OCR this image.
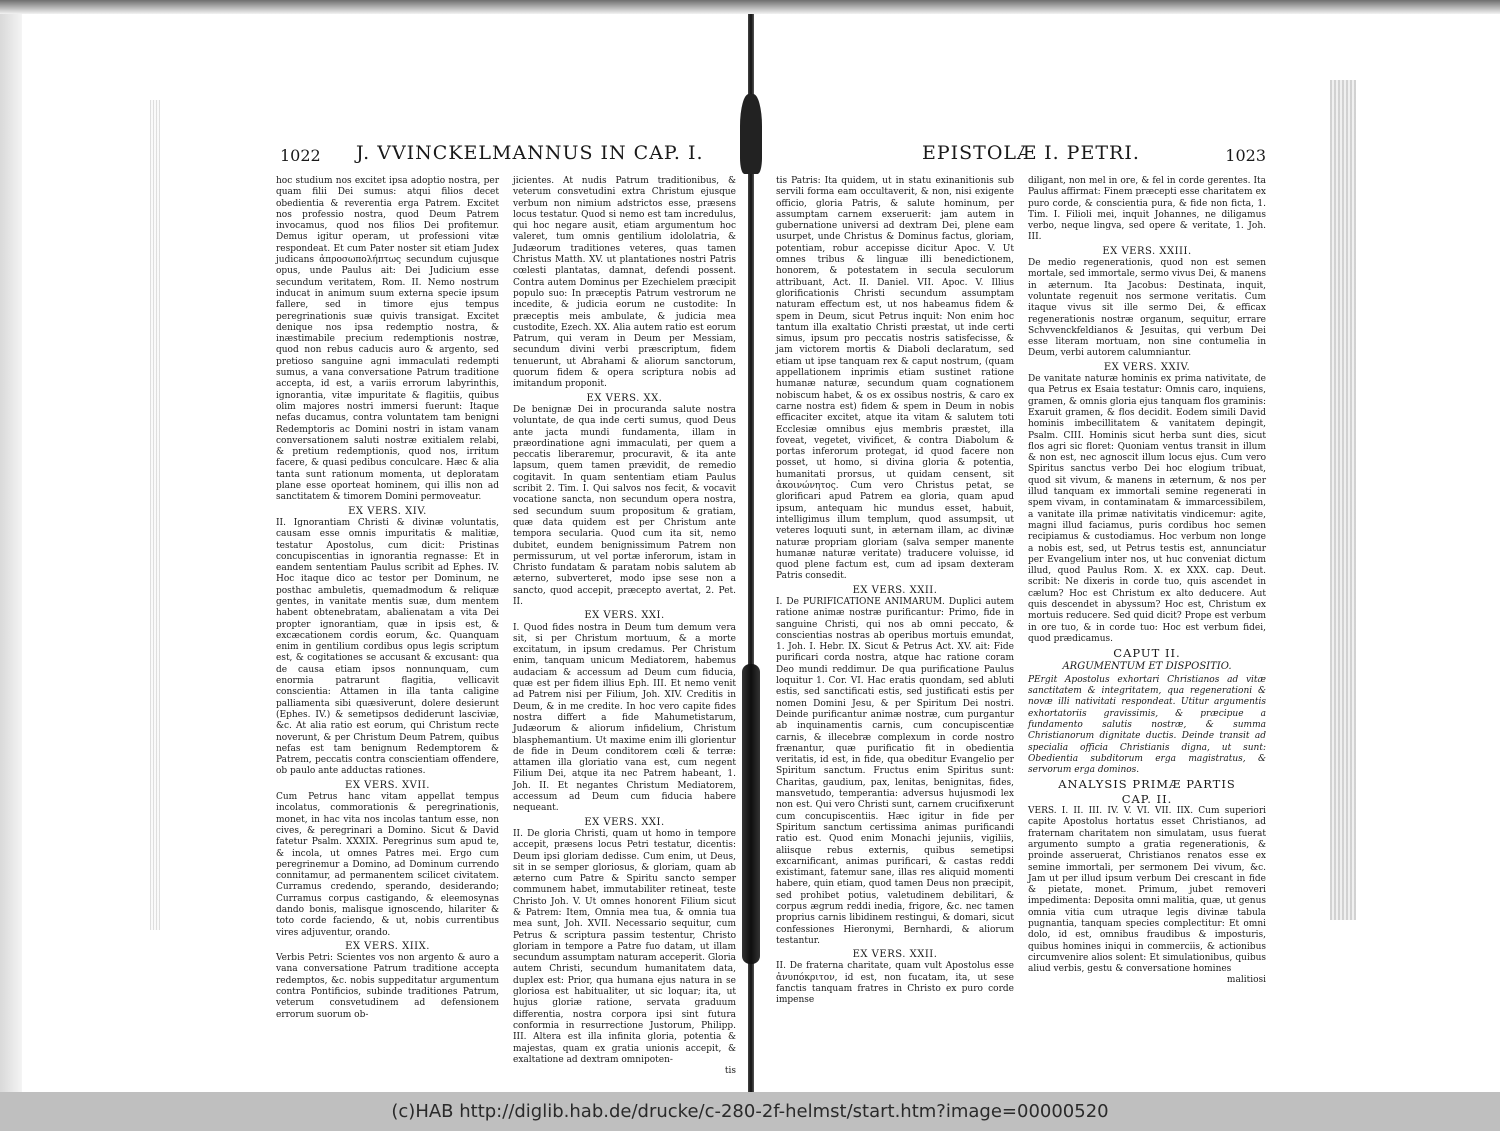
1022 J. VVINCKELMANNUS IN CAP. I.

hoc studium nos excitet ipsa adoptio nostra, per quam filii Dei sumus: atqui filios decet obedientia & reverentia erga Patrem. Excitet nos professio nostra, quod Deum Patrem invocamus, quod nos filios Dei profitemur. Demus igitur operam, ut professioni vitæ respondeat. Et cum Pater noster sit etiam Judex judicans ἀπροσωπολήπτως secundum cujusque opus, unde Paulus ait: Dei Judicium esse secundum veritatem, Rom. II. Nemo nostrum inducat in animum suum externa specie ipsum fallere, sed in timore ejus tempus peregrinationis suæ quivis transigat. Excitet denique nos ipsa redemptio nostra, & inæstimabile precium redemptionis nostræ, quod non rebus caducis auro & argento, sed pretioso sanguine agni immaculati redempti sumus, a vana conversatione Patrum traditione accepta, id est, a variis errorum labyrinthis, ignorantia, vitæ impuritate & flagitiis, quibus olim majores nostri immersi fuerunt: Itaque nefas ducamus, contra voluntatem tam benigni Redemptoris ac Domini nostri in istam vanam conversationem saluti nostræ exitialem relabi, & pretium redemptionis, quod nos, irritum facere, & quasi pedibus conculcare. Hæc & alia tanta sunt rationum momenta, ut deploratam plane esse oporteat hominem, qui illis non ad sanctitatem & timorem Domini permoveatur.

EX VERS. XIV.

II. Ignorantiam Christi & divinæ voluntatis, causam esse omnis impuritatis & malitiæ, testatur Apostolus, cum dicit: Pristinas concupiscentias in ignorantia regnasse: Et in eandem sententiam Paulus scribit ad Ephes. IV. Hoc itaque dico ac testor per Dominum, ne posthac ambuletis, quemadmodum & reliquæ gentes, in vanitate mentis suæ, dum mentem habent obtenebratam, abalienatam a vita Dei propter ignorantiam, quæ in ipsis est, & excæcationem cordis eorum, &c. Quanquam enim in gentilium cordibus opus legis scriptum est, & cogitationes se accusant & excusant: qua de causa etiam ipsos nonnunquam, cum enormia patrarunt flagitia, vellicavit conscientia: Attamen in illa tanta caligine palliamenta sibi quæsiverunt, dolere desierunt (Ephes. IV.) & semetipsos dediderunt lasciviæ, &c. At alia ratio est eorum, qui Christum recte noverunt, & per Christum Deum Patrem, quibus nefas est tam benignum Redemptorem & Patrem, peccatis contra conscientiam offendere, ob paulo ante adductas rationes.

EX VERS. XVII.

Cum Petrus hanc vitam appellat tempus incolatus, commorationis & peregrinationis, monet, in hac vita nos incolas tantum esse, non cives, & peregrinari a Domino. Sicut & David fatetur Psalm. XXXIX. Peregrinus sum apud te, & incola, ut omnes Patres mei. Ergo cum peregrinemur a Domino, ad Dominum currendo connitamur, ad permanentem scilicet civitatem. Curramus credendo, sperando, desiderando; Curramus corpus castigando, & eleemosynas dando bonis, malisque ignoscendo, hilariter & toto corde faciendo, & ut, nobis currentibus vires adjuventur, orando.

EX VERS. XIIX.

Verbis Petri: Scientes vos non argento & auro a vana conversatione Patrum traditione accepta redemptos, &c. nobis suppeditatur argumentum contra Pontificios, subinde traditiones Patrum, veterum consvetudinem ad defensionem errorum suorum ob-

jicientes. At nudis Patrum traditionibus, & veterum consvetudini extra Christum ejusque verbum non nimium adstrictos esse, præsens locus testatur. Quod si nemo est tam incredulus, qui hoc negare ausit, etiam argumentum hoc valeret, tum omnis gentilium idololatria, & Judæorum traditiones veteres, quas tamen Christus Matth. XV. ut plantationes nostri Patris cœlesti plantatas, damnat, defendi possent. Contra autem Dominus per Ezechielem præcipit populo suo: In præceptis Patrum vestrorum ne incedite, & judicia eorum ne custodite: In præceptis meis ambulate, & judicia mea custodite, Ezech. XX. Alia autem ratio est eorum Patrum, qui veram in Deum per Messiam, secundum divini verbi præscriptum, fidem tenuerunt, ut Abrahami & aliorum sanctorum, quorum fidem & opera scriptura nobis ad imitandum proponit.

EX VERS. XX.

De benignæ Dei in procuranda salute nostra voluntate, de qua inde certi sumus, quod Deus ante jacta mundi fundamenta, illam in præordinatione agni immaculati, per quem a peccatis liberaremur, procuravit, & ita ante lapsum, quem tamen prævidit, de remedio cogitavit. In quam sententiam etiam Paulus scribit 2. Tim. I. Qui salvos nos fecit, & vocavit vocatione sancta, non secundum opera nostra, sed secundum suum propositum & gratiam, quæ data quidem est per Christum ante tempora secularia. Quod cum ita sit, nemo dubitet, eundem benignissimum Patrem non permissurum, ut vel portæ inferorum, istam in Christo fundatam & paratam nobis salutem ab æterno, subverteret, modo ipse sese non a sancto, quod accepit, præcepto avertat, 2. Pet. II.

EX VERS. XXI.

I. Quod fides nostra in Deum tum demum vera sit, si per Christum mortuum, & a morte excitatum, in ipsum credamus. Per Christum enim, tanquam unicum Mediatorem, habemus audaciam & accessum ad Deum cum fiducia, quæ est per fidem illius Eph. III. Et nemo venit ad Patrem nisi per Filium, Joh. XIV. Creditis in Deum, & in me credite. In hoc vero capite fides nostra differt a fide Mahumetistarum, Judæorum & aliorum infidelium, Christum blasphemantium. Ut maxime enim illi glorientur de fide in Deum conditorem cœli & terræ: attamen illa gloriatio vana est, cum negent Filium Dei, atque ita nec Patrem habeant, 1. Joh. II. Et negantes Christum Mediatorem, accessum ad Deum cum fiducia habere nequeant.

EX VERS. XXI.

II. De gloria Christi, quam ut homo in tempore accepit, præsens locus Petri testatur, dicentis: Deum ipsi gloriam dedisse. Cum enim, ut Deus, sit in se semper gloriosus, & gloriam, quam ab æterno cum Patre & Spiritu sancto semper communem habet, immutabiliter retineat, teste Christo Joh. V. Ut omnes honorent Filium sicut & Patrem: Item, Omnia mea tua, & omnia tua mea sunt, Joh. XVII. Necessario sequitur, cum Petrus & scriptura passim testentur, Christo gloriam in tempore a Patre fuo datam, ut illam secundum assumptam naturam acceperit. Gloria autem Christi, secundum humanitatem data, duplex est: Prior, qua humana ejus natura in se gloriosa est habitualiter, ut sic loquar; ita, ut hujus gloriæ ratione, servata graduum differentia, nostra corpora ipsi sint futura conformia in resurrectione Justorum, Philipp. III. Altera est illa infinita gloria, potentia & majestas, quam ex gratia unionis accepit, & exaltatione ad dextram omnipoten-

tis
EPISTOLÆ I. PETRI.	1023

tis Patris: Ita quidem, ut in statu exinanitionis sub servili forma eam occultaverit, & non, nisi exigente officio, gloria Patris, & salute hominum, per assumptam carnem exseruerit: jam autem in gubernatione universi ad dextram Dei, plene eam usurpet, unde Christus & Dominus factus, gloriam, potentiam, robur accepisse dicitur Apoc. V. Ut omnes tribus & linguæ illi benedictionem, honorem, & potestatem in secula seculorum attribuant, Act. II. Daniel. VII. Apoc. V. Illius glorificationis Christi secundum assumptam naturam effectum est, ut nos habeamus fidem & spem in Deum, sicut Petrus inquit: Non enim hoc tantum illa exaltatio Christi præstat, ut inde certi simus, ipsum pro peccatis nostris satisfecisse, & jam victorem mortis & Diaboli declaratum, sed etiam ut ipse tanquam rex & caput nostrum, (quam appellationem inprimis etiam sustinet ratione humanæ naturæ, secundum quam cognationem nobiscum habet, & os ex ossibus nostris, & caro ex carne nostra est) fidem & spem in Deum in nobis efficaciter excitet, atque ita vitam & salutem toti Ecclesiæ omnibus ejus membris præstet, illa foveat, vegetet, vivificet, & contra Diabolum & portas inferorum protegat, id quod facere non posset, ut homo, si divina gloria & potentia, humanitati prorsus, ut quidam censent, sit ἀκοινώνητος. Cum vero Christus petat, se glorificari apud Patrem ea gloria, quam apud ipsum, antequam hic mundus esset, habuit, intelligimus illum templum, quod assumpsit, ut veteres loquuti sunt, in æternam illam, ac divinæ naturæ propriam gloriam (salva semper manente humanæ naturæ veritate) traducere voluisse, id quod plene factum est, cum ad ipsam dexteram Patris consedit.

EX VERS. XXII.

I. De PURIFICATIONE ANIMARUM. Duplici autem ratione animæ nostræ purificantur: Primo, fide in sanguine Christi, qui nos ab omni peccato, & conscientias nostras ab operibus mortuis emundat, 1. Joh. I. Hebr. IX. Sicut & Petrus Act. XV. ait: Fide purificari corda nostra, atque hac ratione coram Deo mundi reddimur. De qua purificatione Paulus loquitur 1. Cor. VI. Hac eratis quondam, sed abluti estis, sed sanctificati estis, sed justificati estis per nomen Domini Jesu, & per Spiritum Dei nostri. Deinde purificantur animæ nostræ, cum purgantur ab inquinamentis carnis, cum concupiscentiæ carnis, & illecebræ complexum in corde nostro frænantur, quæ purificatio fit in obedientia veritatis, id est, in fide, qua obeditur Evangelio per Spiritum sanctum. Fructus enim Spiritus sunt: Charitas, gaudium, pax, lenitas, benignitas, fides, mansvetudo, temperantia: adversus hujusmodi lex non est. Qui vero Christi sunt, carnem crucifixerunt cum concupiscentiis. Hæc igitur in fide per Spiritum sanctum certissima animas purificandi ratio est. Quod enim Monachi jejuniis, vigiliis, aliisque rebus externis, quibus semetipsi excarnificant, animas purificari, & castas reddi existimant, fatemur sane, illas res aliquid momenti habere, quin etiam, quod tamen Deus non præcipit, sed prohibet potius, valetudinem debilitari, & corpus ægrum reddi inedia, frigore, &c. nec tamen proprius carnis libidinem restingui, & domari, sicut confessiones Hieronymi, Bernhardi, & aliorum testantur.

EX VERS. XXII.

II. De fraterna charitate, quam vult Apostolus esse ἀνυπόκριτον, id est, non fucatam, ita, ut sese fanctis tanquam fratres in Christo ex puro corde impense

diligant, non mel in ore, & fel in corde gerentes. Ita Paulus affirmat: Finem præcepti esse charitatem ex puro corde, & conscientia pura, & fide non ficta, 1. Tim. I. Filioli mei, inquit Johannes, ne diligamus verbo, neque lingva, sed opere & veritate, 1. Joh. III.

EX VERS. XXIII.

De medio regenerationis, quod non est semen mortale, sed immortale, sermo vivus Dei, & manens in æternum. Ita Jacobus: Destinata, inquit, voluntate regenuit nos sermone veritatis. Cum itaque vivus sit ille sermo Dei, & efficax regenerationis nostræ organum, sequitur, errare Schvvenckfeldianos & Jesuitas, qui verbum Dei esse literam mortuam, non sine contumelia in Deum, verbi autorem calumniantur.

EX VERS. XXIV.

De vanitate naturæ hominis ex prima nativitate, de qua Petrus ex Esaia testatur: Omnis caro, inquiens, gramen, & omnis gloria ejus tanquam flos graminis: Exaruit gramen, & flos decidit. Eodem simili David hominis imbecillitatem & vanitatem depingit, Psalm. CIII. Hominis sicut herba sunt dies, sicut flos agri sic floret: Quoniam ventus transit in illum & non est, nec agnoscit illum locus ejus. Cum vero Spiritus sanctus verbo Dei hoc elogium tribuat, quod sit vivum, & manens in æternum, & nos per illud tanquam ex immortali semine regenerati in spem vivam, in contaminatam & immarcessibilem, a vanitate illa primæ nativitatis vindicemur: agite, magni illud faciamus, puris cordibus hoc semen recipiamus & custodiamus. Hoc verbum non longe a nobis est, sed, ut Petrus testis est, annunciatur per Evangelium inter nos, ut huc conveniat dictum illud, quod Paulus Rom. X. ex XXX. cap. Deut. scribit: Ne dixeris in corde tuo, quis ascendet in cælum? Hoc est Christum ex alto deducere. Aut quis descendet in abyssum? Hoc est, Christum ex mortuis reducere. Sed quid dicit? Prope est verbum in ore tuo, & in corde tuo: Hoc est verbum fidei, quod prædicamus.

CAPUT II.
ARGUMENTUM ET DISPOSITIO.

PErgit Apostolus exhortari Christianos ad vitæ sanctitatem & integritatem, qua regenerationi & novæ illi nativitati respondeat. Utitur argumentis exhortatoriis gravissimis, & præcipue a fundamento salutis nostræ, & summa Christianorum dignitate ductis. Deinde transit ad specialia officia Christianis digna, ut sunt: Obedientia subditorum erga magistratus, & servorum erga dominos.

ANALYSIS PRIMÆ PARTIS
CAP. II.

VERS. I. II. III. IV. V. VI. VII. IIX. Cum superiori capite Apostolus hortatus esset Christianos, ad fraternam charitatem non simulatam, usus fuerat argumento sumpto a gratia regenerationis, & proinde asseruerat, Christianos renatos esse ex semine immortali, per sermonem Dei vivum, &c. Jam ut per illud ipsum verbum Dei crescant in fide & pietate, monet. Primum, jubet removeri impedimenta: Deposita omni malitia, quæ, ut genus omnia vitia cum utraque legis divinæ tabula pugnantia, tanquam species complectitur: Et omni dolo, id est, omnibus fraudibus & imposturis, quibus homines iniqui in commerciis, & actionibus circumvenire alios solent: Et simulationibus, quibus aliud verbis, gestu & conversatione homines

malitiosi
(c)HAB http://diglib.hab.de/drucke/c-280-2f-helmst/start.htm?image=00000520
